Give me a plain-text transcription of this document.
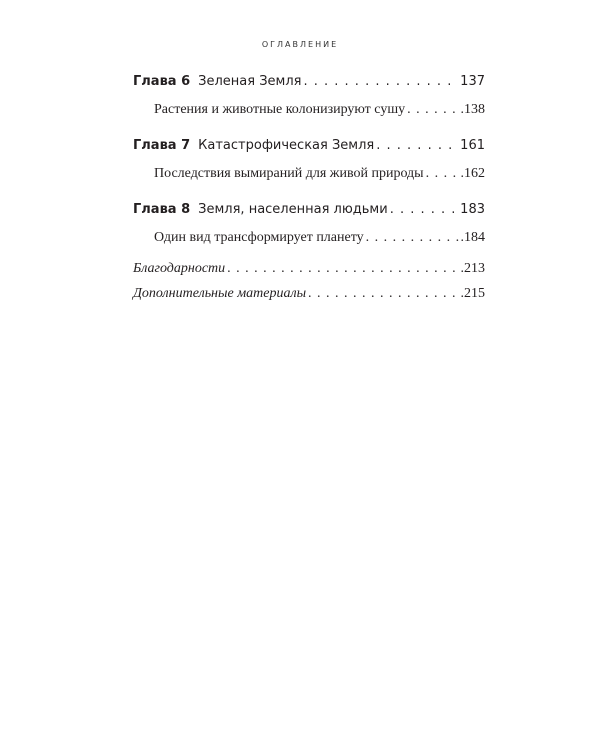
ОГЛАВЛЕНИЕ
Глава 6 Зеленая Земля . . .	137
Растения и животные колонизируют сушу . . .	.138
Глава 7 Катастрофическая Земля . . .	161
Последствия вымираний для живой природы . . .	.162
Глава 8 Земля, населенная людьми . . .	183
Один вид трансформирует планету . . .	.184
Благодарности . . .	.213
Дополнительные материалы . . .	.215
